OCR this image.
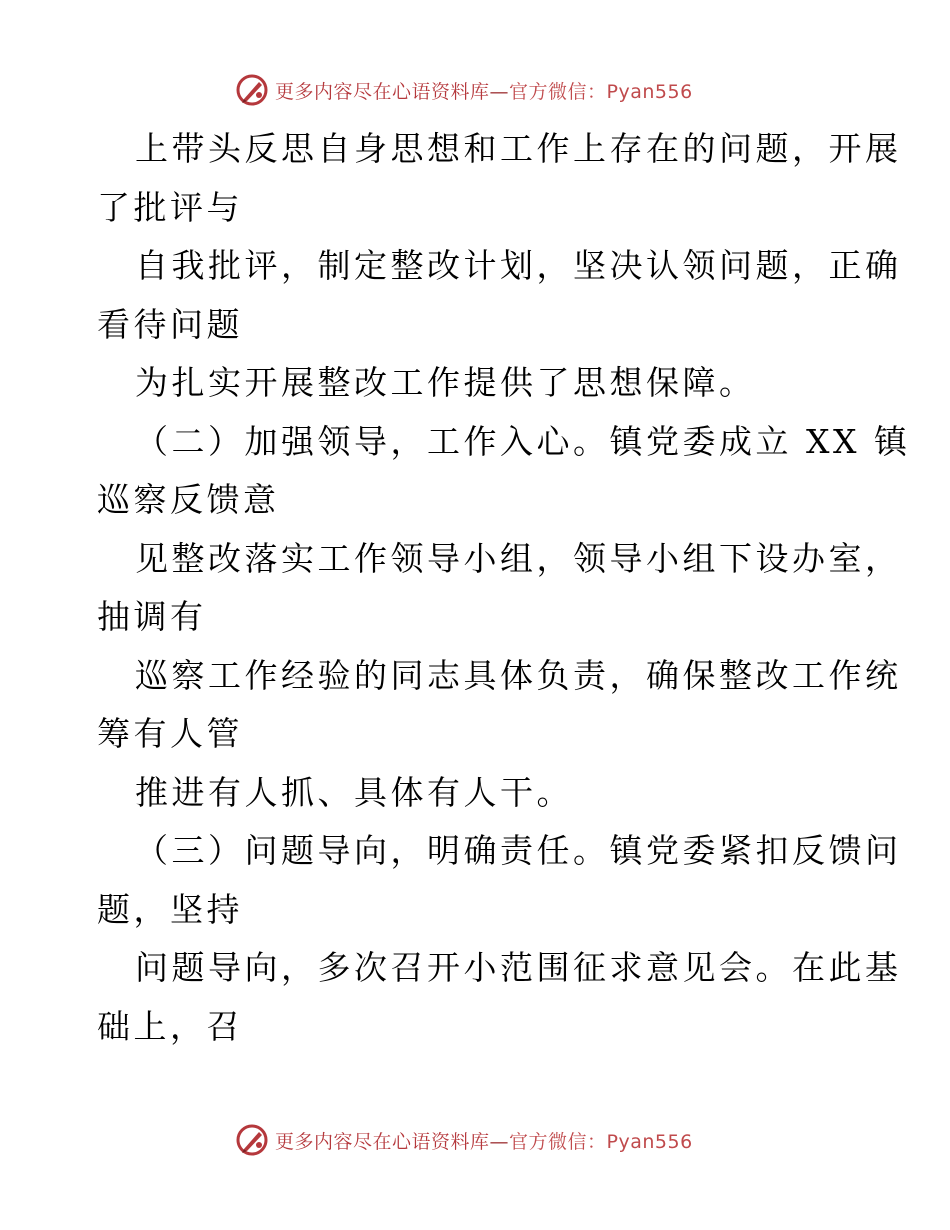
更多内容尽在心语资料库—官方微信：Pyan556
上带头反思自身思想和工作上存在的问题，开展
了批评与
自我批评，制定整改计划，坚决认领问题，正确
看待问题
为扎实开展整改工作提供了思想保障。
（二）加强领导，工作入心。镇党委成立 XX 镇
巡察反馈意
见整改落实工作领导小组，领导小组下设办室，
抽调有
巡察工作经验的同志具体负责，确保整改工作统
筹有人管
推进有人抓、具体有人干。
（三）问题导向，明确责任。镇党委紧扣反馈问
题，坚持
问题导向，多次召开小范围征求意见会。在此基
础上，召
更多内容尽在心语资料库—官方微信：Pyan556
